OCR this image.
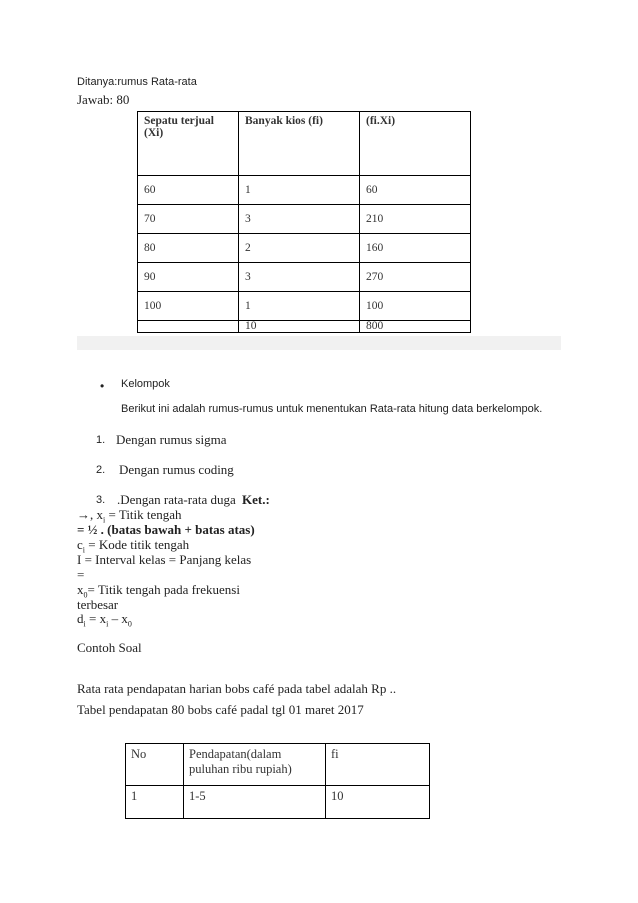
Ditanya:rumus Rata-rata
Jawab: 80
Sepatu terjual (Xi)	Banyak kios (fi)	(fi.Xi)
60	1	60
70	3	210
80	2	160
90	3	270
100	1	100
	10	800
• Kelompok
Berikut ini adalah rumus-rumus untuk menentukan Rata-rata hitung data berkelompok.
1. Dengan rumus sigma
2. Dengan rumus coding
3. .Dengan rata-rata duga Ket.:
→, $x_i$ = Titik tengah
= ½ . (batas bawah + batas atas)
$c_i$ = Kode titik tengah
I = Interval kelas = Panjang kelas
=
$x_0=$ Titik tengah pada frekuensi
terbesar
$d_i = x_i - x_0$
Contoh Soal
Rata rata pendapatan harian bobs café pada tabel adalah Rp ..
Tabel pendapatan 80 bobs café padal tgl 01 maret 2017
No	Pendapatan(dalam puluhan ribu rupiah)	fi
1	1-5	10
